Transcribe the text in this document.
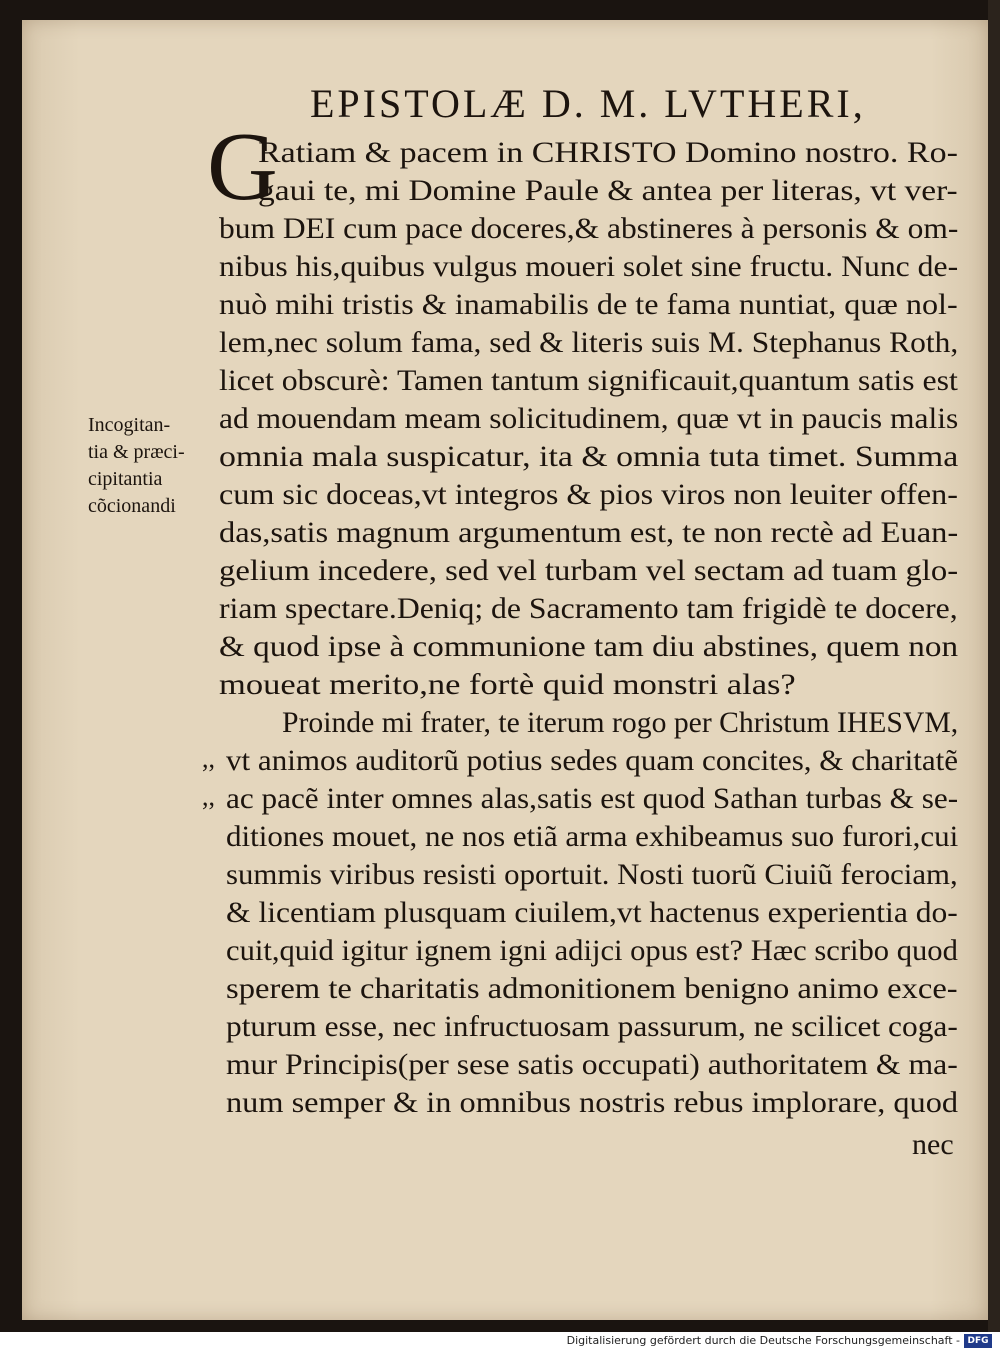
EPISTOLÆ D. M. LVTHERI,
G
Ratiam & pacem in CHRISTO Domino nostro. Ro-
gaui te, mi Domine Paule & antea per literas, vt ver-
bum DEI cum pace doceres,& abstineres à personis & om-
nibus his,quibus vulgus moueri solet sine fructu. Nunc de-
nuò mihi tristis & inamabilis de te fama nuntiat, quæ nol-
lem,nec solum fama, sed & literis suis M. Stephanus Roth,
licet obscurè: Tamen tantum significauit,quantum satis est
ad mouendam meam solicitudinem, quæ vt in paucis malis
omnia mala suspicatur, ita & omnia tuta timet. Summa
cum sic doceas,vt integros & pios viros non leuiter offen-
das,satis magnum argumentum est, te non rectè ad Euan-
gelium incedere, sed vel turbam vel sectam ad tuam glo-
riam spectare.Deniq; de Sacramento tam frigidè te docere,
& quod ipse à communione tam diu abstines, quem non
moueat merito,ne fortè quid monstri alas?
Proinde mi frater, te iterum rogo per Christum IHESVM,
vt animos auditorũ potius sedes quam concites, & charitatẽ
ac pacẽ inter omnes alas,satis est quod Sathan turbas & se-
ditiones mouet, ne nos etiã arma exhibeamus suo furori,cui
summis viribus resisti oportuit. Nosti tuorũ Ciuiũ ferociam,
& licentiam plusquam ciuilem,vt hactenus experientia do-
cuit,quid igitur ignem igni adijci opus est? Hæc scribo quod
sperem te charitatis admonitionem benigno animo exce-
pturum esse, nec infructuosam passurum, ne scilicet coga-
mur Principis(per sese satis occupati) authoritatem & ma-
num semper & in omnibus nostris rebus implorare, quod
nec
,,
,,
Incogitan-
tia & præci-
cipitantia
cõcionandi
Digitalisierung gefördert durch die Deutsche Forschungsgemeinschaft - DFG
